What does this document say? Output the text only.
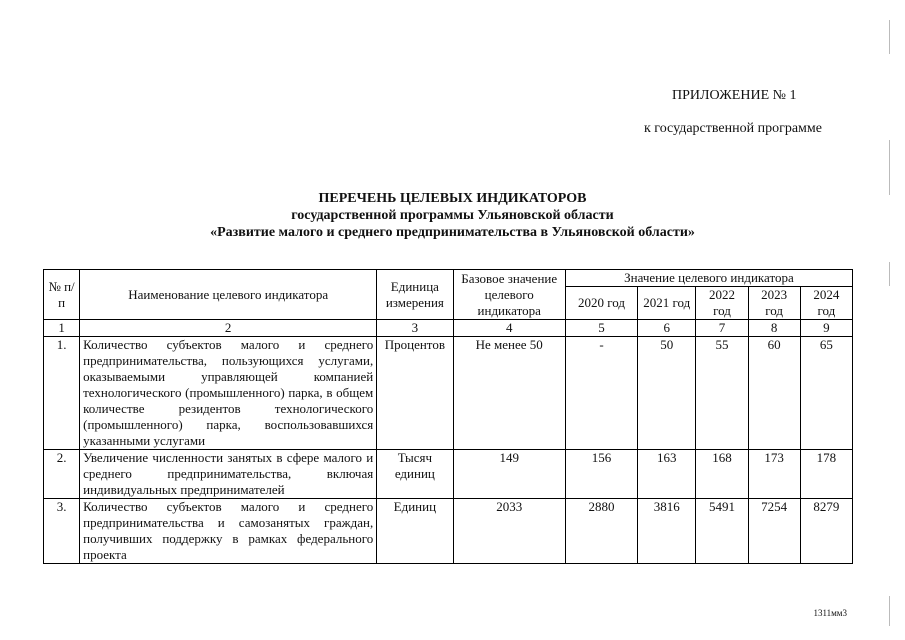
ПРИЛОЖЕНИЕ № 1
к государственной программе
ПЕРЕЧЕНЬ ЦЕЛЕВЫХ ИНДИКАТОРОВ
государственной программы Ульяновской области
«Развитие малого и среднего предпринимательства в Ульяновской области»
№ п/п	Наименование целевого индикатора	Единица измерения	Базовое значение целевого индикатора	Значение целевого индикатора				
				2020 год	2021 год	2022 год	2023 год	2024 год
1	2	3	4	5	6	7	8	9
1.	Количество субъектов малого и среднего предпринимательства, пользующихся услугами, оказываемыми управляющей компанией технологического (промышленного) парка, в общем количестве резидентов технологического (промышленного) парка, воспользовавшихся указанными услугами	Процентов	Не менее 50	-	50	55	60	65
2.	Увеличение численности занятых в сфере малого и среднего предпринимательства, включая индивидуальных предпринимателей	Тысяч единиц	149	156	163	168	173	178
3.	Количество субъектов малого и среднего предпринимательства и самозанятых граждан, получивших поддержку в рамках федерального проекта	Единиц	2033	2880	3816	5491	7254	8279
1311мм3
